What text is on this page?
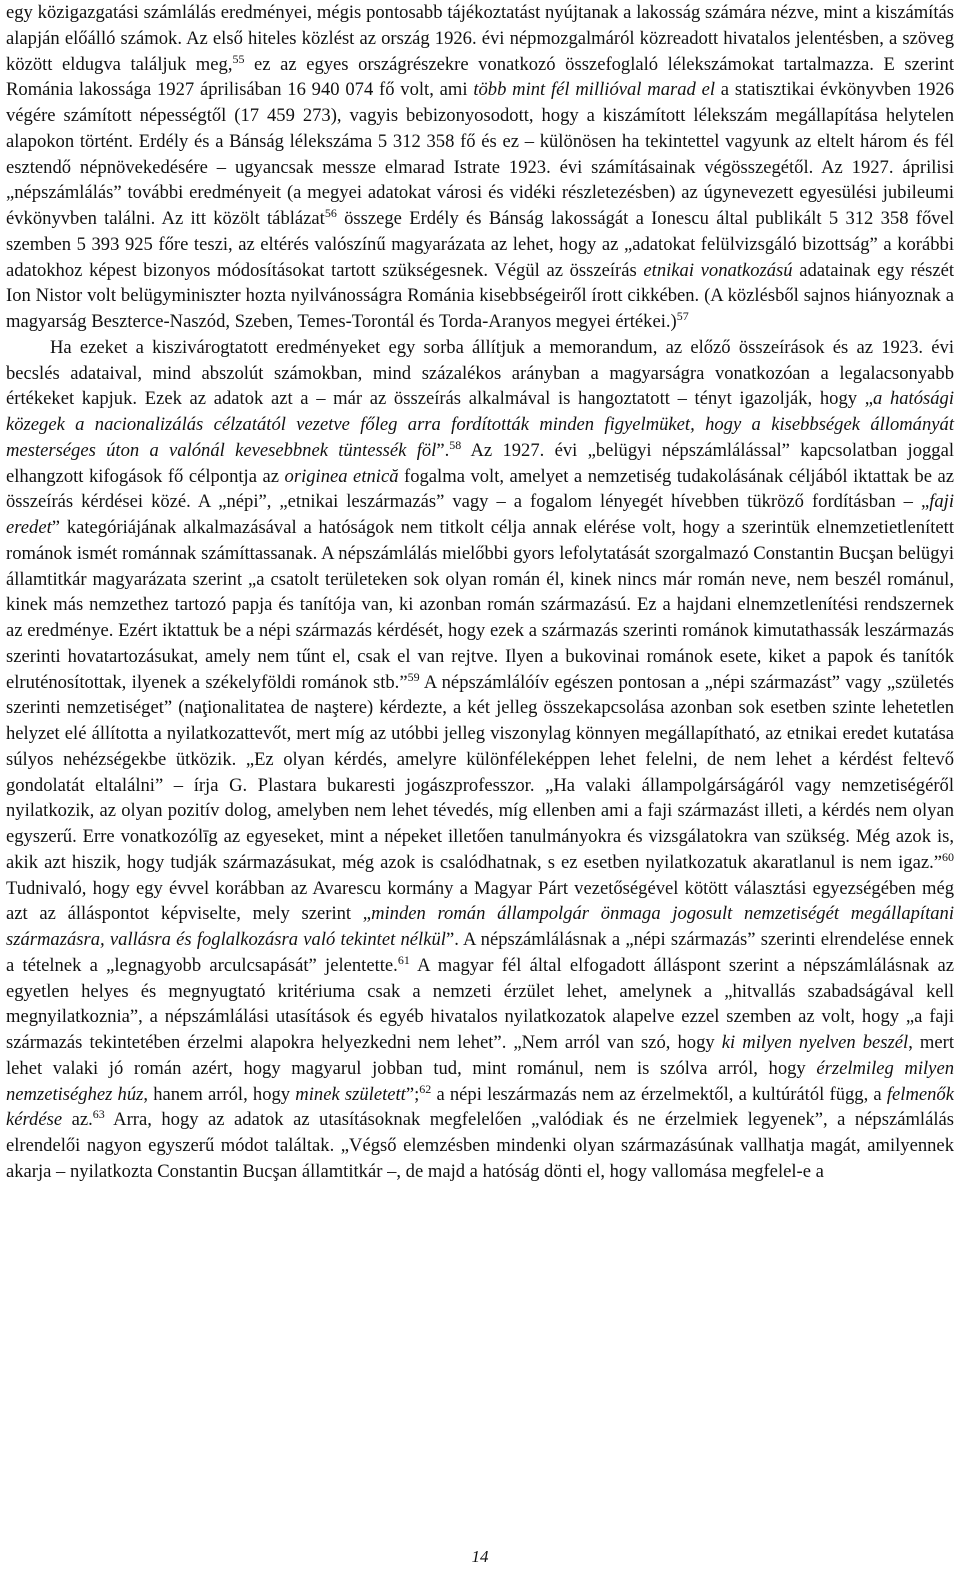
egy közigazgatási számlálás eredményei, mégis pontosabb tájékoztatást nyújtanak a lakosság számára nézve, mint a kiszámítás alapján előálló számok. Az első hiteles közlést az ország 1926. évi népmozgalmáról közreadott hivatalos jelentésben, a szöveg között eldugva találjuk meg,$^{55}$ ez az egyes országrészekre vonatkozó összefoglaló lélekszámokat tartalmazza. E szerint Románia lakossága 1927 áprilisában 16 940 074 fő volt, ami több mint fél millióval marad el a statisztikai évkönyvben 1926 végére számított népességtől (17 459 273), vagyis bebizonyosodott, hogy a kiszámított lélekszám megállapítása helytelen alapokon történt. Erdély és a Bánság lélekszáma 5 312 358 fő és ez – különösen ha tekintettel vagyunk az eltelt három és fél esztendő népnövekedésére – ugyancsak messze elmarad Istrate 1923. évi számításainak végösszegétől. Az 1927. áprilisi „népszámlálás” további eredményeit (a megyei adatokat városi és vidéki részletezésben) az úgynevezett egyesülési jubileumi évkönyvben találni. Az itt közölt táblázat$^{56}$ összege Erdély és Bánság lakosságát a Ionescu által publikált 5 312 358 fővel szemben 5 393 925 főre teszi, az eltérés valószínű magyarázata az lehet, hogy az „adatokat felülvizsgáló bizottság” a korábbi adatokhoz képest bizonyos módosításokat tartott szükségesnek. Végül az összeírás etnikai vonatkozású adatainak egy részét Ion Nistor volt belügyminiszter hozta nyilvánosságra Románia kisebbségeiről írott cikkében. (A közlésből sajnos hiányoznak a magyarság Beszterce-Naszód, Szeben, Temes-Torontál és Torda-Aranyos megyei értékei.)$^{57}$

Ha ezeket a kiszivárogtatott eredményeket egy sorba állítjuk a memorandum, az előző összeírások és az 1923. évi becslés adataival, mind abszolút számokban, mind százalékos arányban a magyarságra vonatkozóan a legalacsonyabb értékeket kapjuk. Ezek az adatok azt a – már az összeírás alkalmával is hangoztatott – tényt igazolják, hogy „a hatósági közegek a nacionalizálás célzatától vezetve főleg arra fordították minden figyelmüket, hogy a kisebbségek állományát mesterséges úton a valónál kevesebbnek tüntessék föl”.$^{58}$ Az 1927. évi „belügyi népszámlálással” kapcsolatban joggal elhangzott kifogások fő célpontja az originea etnică fogalma volt, amelyet a nemzetiség tudakolásának céljából iktattak be az összeírás kérdései közé. A „népi”, „etnikai leszármazás” vagy – a fogalom lényegét hívebben tükröző fordításban – „faji eredet” kategóriájának alkalmazásával a hatóságok nem titkolt célja annak elérése volt, hogy a szerintük elnemzetietlenített románok ismét románnak számíttassanak. A népszámlálás mielőbbi gyors lefolytatását szorgalmazó Constantin Bucşan belügyi államtitkár magyarázata szerint „a csatolt területeken sok olyan román él, kinek nincs már román neve, nem beszél románul, kinek más nemzethez tartozó papja és tanítója van, ki azonban román származású. Ez a hajdani elnemzetlenítési rendszernek az eredménye. Ezért iktattuk be a népi származás kérdését, hogy ezek a származás szerinti románok kimutathassák leszármazás szerinti hovatartozásukat, amely nem tűnt el, csak el van rejtve. Ilyen a bukovinai románok esete, kiket a papok és tanítók elruténosítottak, ilyenek a székelyföldi románok stb.”$^{59}$ A népszámlálóív egészen pontosan a „népi származást” vagy „születés szerinti nemzetiséget” (naţionalitatea de naştere) kérdezte, a két jelleg összekapcsolása azonban sok esetben szinte lehetetlen helyzet elé állította a nyilatkozattevőt, mert míg az utóbbi jelleg viszonylag könnyen megállapítható, az etnikai eredet kutatása súlyos nehézségekbe ütközik. „Ez olyan kérdés, amelyre különféleképpen lehet felelni, de nem lehet a kérdést feltevő gondolatát eltalálni” – írja G. Plastara bukaresti jogászprofesszor. „Ha valaki állampolgárságáról vagy nemzetiségéről nyilatkozik, az olyan pozitív dolog, amelyben nem lehet tévedés, míg ellenben ami a faji származást illeti, a kérdés nem olyan egyszerű. Erre vonatkozólīg az egyeseket, mint a népeket illetően tanulmányokra és vizsgálatokra van szükség. Még azok is, akik azt hiszik, hogy tudják származásukat, még azok is csalódhatnak, s ez esetben nyilatkozatuk akaratlanul is nem igaz.”$^{60}$ Tudnivaló, hogy egy évvel korábban az Avarescu kormány a Magyar Párt vezetőségével kötött választási egyezségében még azt az álláspontot képviselte, mely szerint „minden román állampolgár önmaga jogosult nemzetiségét megállapítani származásra, vallásra és foglalkozásra való tekintet nélkül”. A népszámlálásnak a „népi származás” szerinti elrendelése ennek a tételnek a „legnagyobb arculcsapását” jelentette.$^{61}$ A magyar fél által elfogadott álláspont szerint a népszámlálásnak az egyetlen helyes és megnyugtató kritériuma csak a nemzeti érzület lehet, amelynek a „hitvallás szabadságával kell megnyilatkoznia”, a népszámlálási utasítások és egyéb hivatalos nyilatkozatok alapelve ezzel szemben az volt, hogy „a faji származás tekintetében érzelmi alapokra helyezkedni nem lehet”. „Nem arról van szó, hogy ki milyen nyelven beszél, mert lehet valaki jó román azért, hogy magyarul jobban tud, mint románul, nem is szólva arról, hogy érzelmileg milyen nemzetiséghez húz, hanem arról, hogy minek született”;$^{62}$ a népi leszármazás nem az érzelmektől, a kultúrától függ, a felmenők kérdése az.$^{63}$ Arra, hogy az adatok az utasításoknak megfelelően „valódiak és ne érzelmiek legyenek”, a népszámlálás elrendelői nagyon egyszerű módot találtak. „Végső elemzésben mindenki olyan származásúnak vallhatja magát, amilyennek akarja – nyilatkozta Constantin Bucşan államtitkár –, de majd a hatóság dönti el, hogy vallomása megfelel-e a

14
